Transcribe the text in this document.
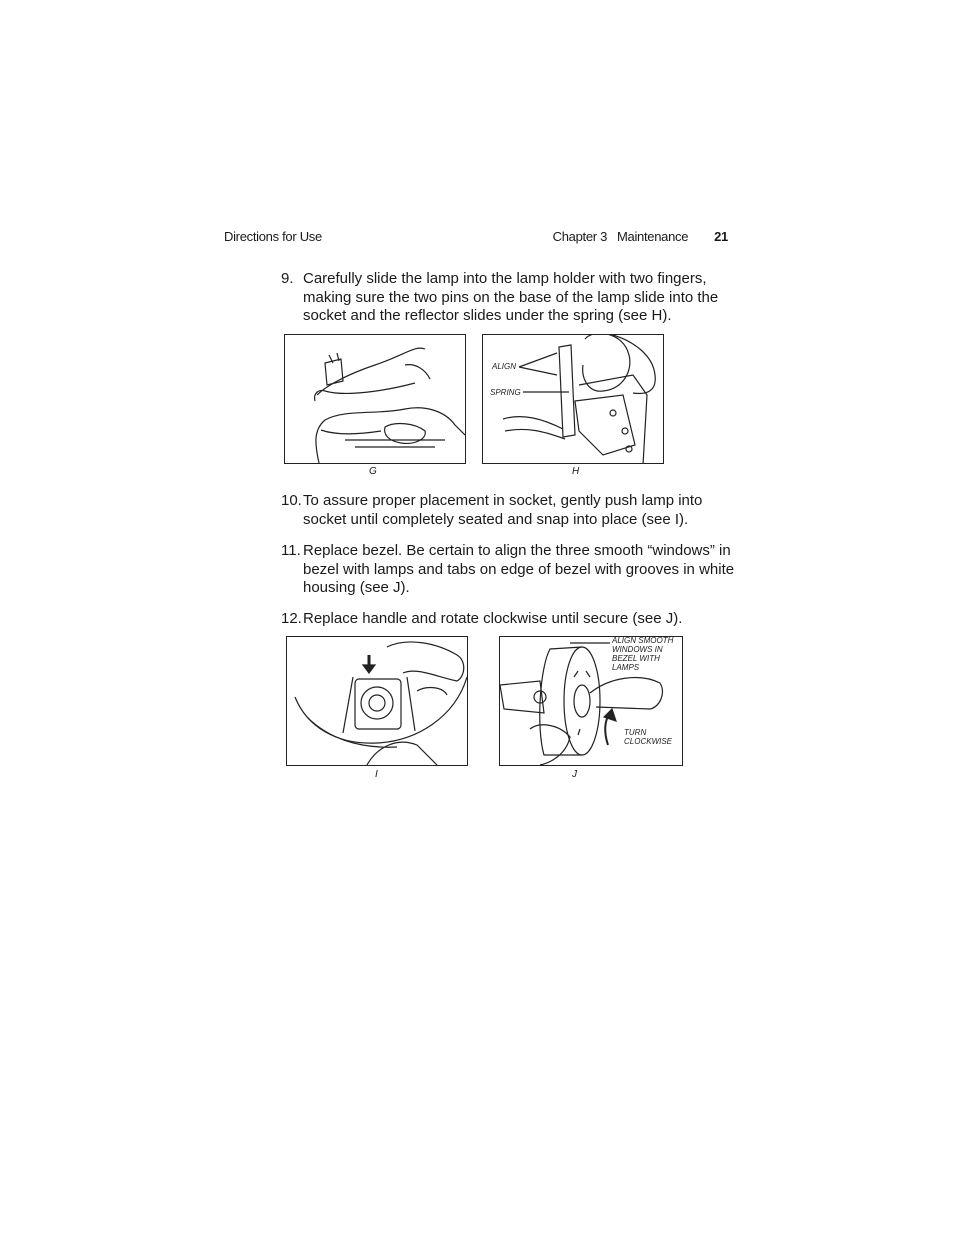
Directions for Use	Chapter 3 Maintenance 21
9. Carefully slide the lamp into the lamp holder with two fingers, making sure the two pins on the base of the lamp slide into the socket and the reflector slides under the spring (see H).
G
ALIGN
SPRING
H
10. To assure proper placement in socket, gently push lamp into socket until completely seated and snap into place (see I).
11. Replace bezel. Be certain to align the three smooth “windows” in bezel with lamps and tabs on edge of bezel with grooves in white housing (see J).
12. Replace handle and rotate clockwise until secure (see J).
I
ALIGN SMOOTH
WINDOWS IN
BEZEL WITH
LAMPS
TURN
CLOCKWISE
J
